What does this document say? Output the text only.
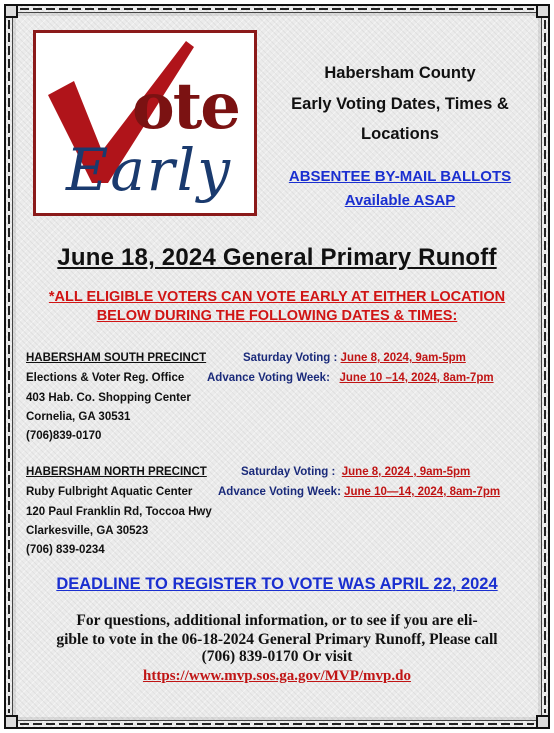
ote
Early
Habersham County
Early Voting Dates, Times &
Locations
ABSENTEE BY-MAIL BALLOTS
Available ASAP
June 18, 2024 General Primary Runoff
*ALL ELIGIBLE VOTERS CAN VOTE EARLY AT EITHER LOCATION
BELOW DURING THE FOLLOWING DATES & TIMES:
HABERSHAM SOUTH PRECINCT
Elections & Voter Reg. Office
403 Hab. Co. Shopping Center
Cornelia, GA 30531
(706)839-0170
Saturday Voting : June 8, 2024, 9am-5pm
Advance Voting Week:   June 10 –14, 2024, 8am-7pm
HABERSHAM NORTH PRECINCT
Ruby Fulbright Aquatic Center
120 Paul Franklin Rd, Toccoa Hwy
Clarkesville, GA 30523
(706) 839-0234
Saturday Voting :  June 8, 2024 , 9am-5pm
Advance Voting Week: June 10—14, 2024, 8am-7pm
DEADLINE TO REGISTER TO VOTE WAS APRIL 22, 2024
For questions, additional information, or to see if you are eli-
gible to vote in the 06-18-2024 General Primary Runoff, Please call
(706) 839-0170 Or visit
https://www.mvp.sos.ga.gov/MVP/mvp.do
